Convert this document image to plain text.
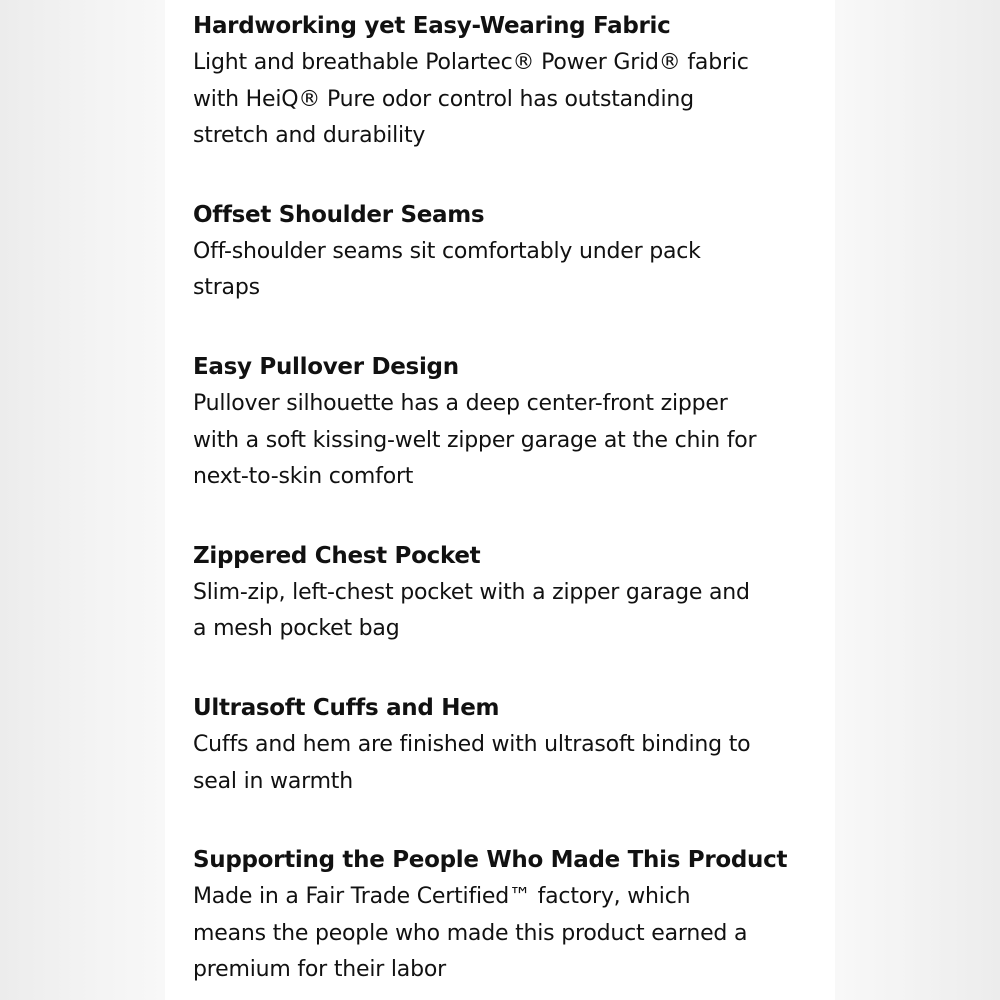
Hardworking yet Easy-Wearing Fabric
Light and breathable Polartec® Power Grid® fabric
with HeiQ® Pure odor control has outstanding
stretch and durability
Offset Shoulder Seams
Off-shoulder seams sit comfortably under pack
straps
Easy Pullover Design
Pullover silhouette has a deep center-front zipper
with a soft kissing-welt zipper garage at the chin for
next-to-skin comfort
Zippered Chest Pocket
Slim-zip, left-chest pocket with a zipper garage and
a mesh pocket bag
Ultrasoft Cuffs and Hem
Cuffs and hem are finished with ultrasoft binding to
seal in warmth
Supporting the People Who Made This Product
Made in a Fair Trade Certified™ factory, which
means the people who made this product earned a
premium for their labor
